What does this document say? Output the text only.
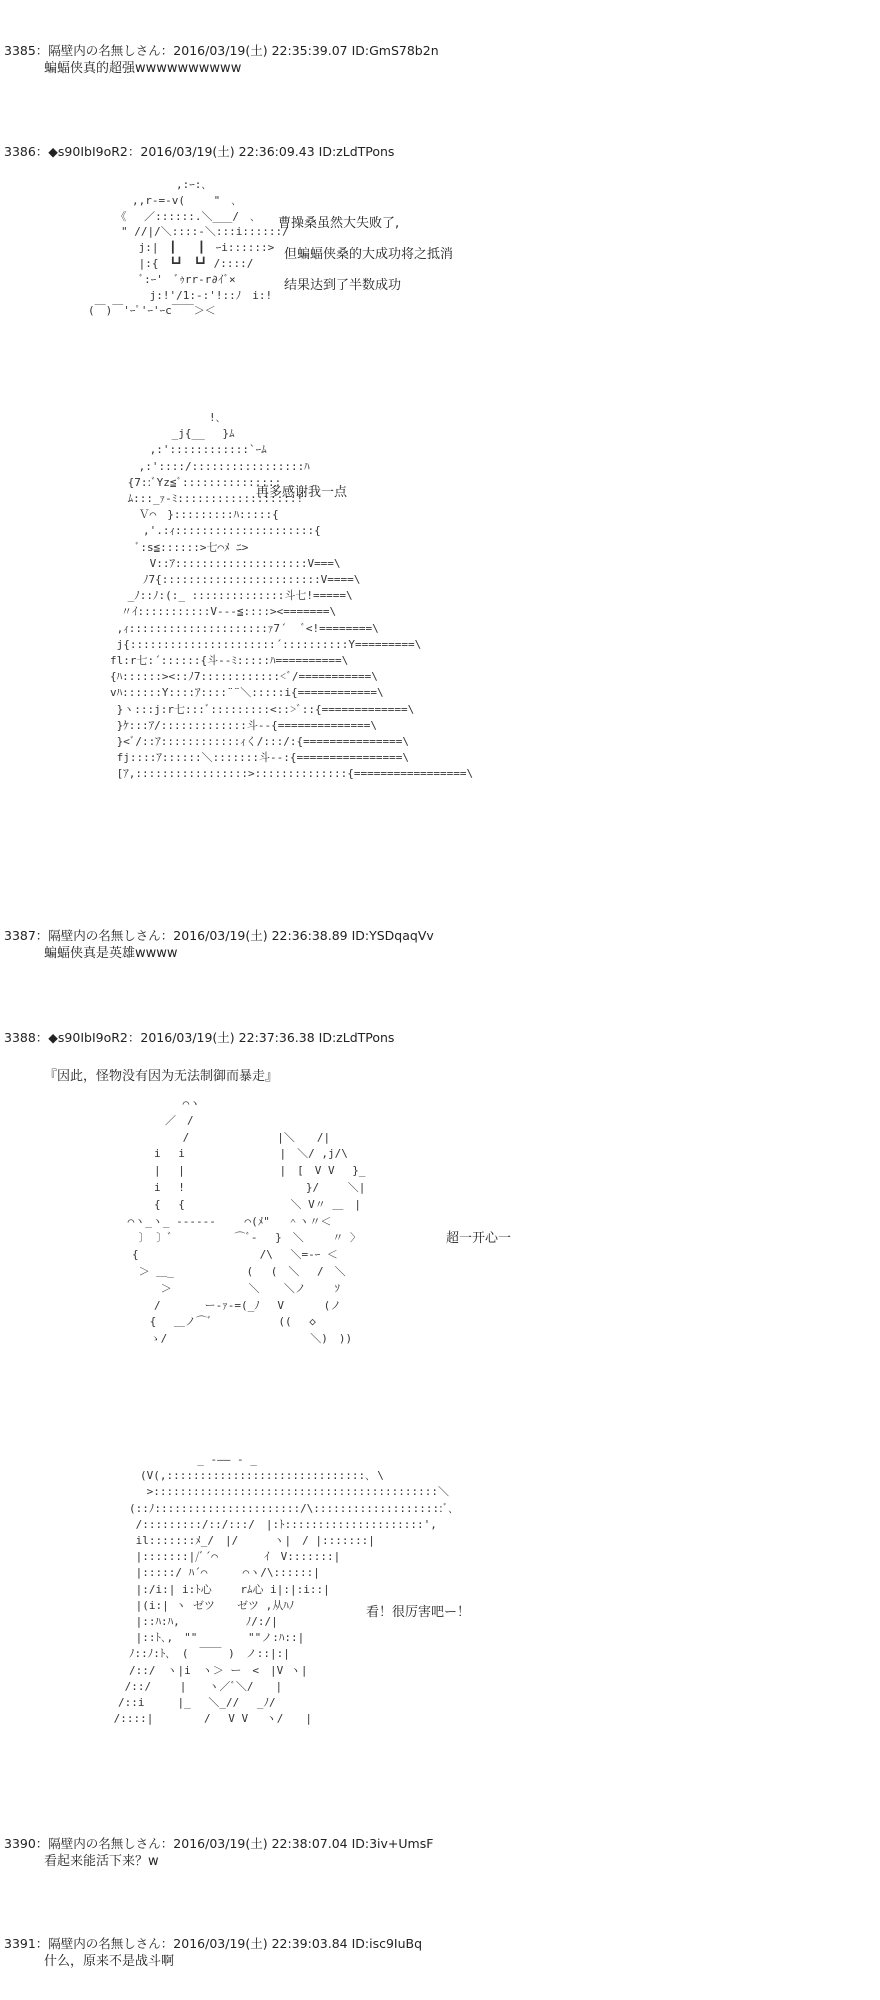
3385：隔壁内の名無しさん：2016/03/19(土) 22:35:39.07 ID:GmS78b2n
蝙蝠侠真的超强wwwwwwwwww
3386：◆s90IbI9oR2：2016/03/19(土) 22:36:09.43 ID:zLdTPons
　　　　　　　　,:ｰ:､
　　　　,,r‐=‐v(　　 "　､
　　　《　 ／::::::.＼___/　､
　　　" //|/＼::::‐＼:::i::::::/
　　　　 j:|　┃　　┃　ｰi::::::>
　　　　 |:{　┗┛　┗┛ /::::/
　　　　 ﾞ:ｰ'　ﾞｩrr‐r∂ｲﾞ×
　　　　　 j:!'/1:‐:'!::ﾉ　i:!
(￣)￣'ｰﾟ'ｰ'ｰc￣￣＞＜
曹操桑虽然大失败了,
但蝙蝠侠桑的大成功将之抵消
结果达到了半数成功
　　　　　　　　　　　!､
　　　　　　　 _j{__ 　}ﾑ
　　　　　 ,:'::::::::::::`ｰﾑ
　　　　 ,:'::::/:::::::::::::::::ﾊ
　　　 {7::ﾞYz≦ﾞ:::::::::::::::
　　　 ﾑ:::_ｧ‐ﾐ::::::::::::::::::!
　　　　 Ｖ⌒　}:::::::::ﾊ:::::{
　　　　　,'.:ｨ:::::::::::::::::::::{
　　　　 ﾞ:s≦::::::>七⌒ﾒ ﾆ>
　　　　　 V::ｱ::::::::::::::::::::V===\
　　　　　ﾉ7{::::::::::::::::::::::::V====\
　　　 _ﾉ::ﾉ:(:_ ::::::::::::::斗七!=====\
　　　〃ｲ:::::::::::V‐‐‐≦::::><=======\
　　 ,ｨ:::::::::::::::::::::ｧ7´　 ﾞ<!========\
　　 j{::::::::::::::::::::::´::::::::::Y=========\
　　fl:r七:´::::::{斗‐‐ﾐ:::::ﾊ==========\
　　{ﾊ::::::><::ﾉ7::::::::::::<ﾞ/===========\
　　vﾊ::::::Y::::ｱ::::¨¨＼:::::i{============\
　　 }ヽ:::j:r七:::ﾞ:::::::::<::>ﾞ::{=============\
　　 }ｹ:::ｱ/:::::::::::::斗‐‐{==============\
　　 }<ﾞ/::ｱ::::::::::::ｨく/:::/:{===============\
　　 fj::::ｱ::::::＼:::::::斗‐‐:{================\
　　 [ｱ,:::::::::::::::::>::::::::::::::{=================\
再多感谢我一点
3387：隔壁内の名無しさん：2016/03/19(土) 22:36:38.89 ID:YSDqaqVv
蝙蝠侠真是英雄wwww
3388：◆s90IbI9oR2：2016/03/19(土) 22:37:36.38 ID:zLdTPons
『因此，怪物没有因为无法制御而暴走』
　　　　　　 ⌒ヽ
　　　　　／　/
　　　　　　 /　　　　　　　　|＼　　/|
　　　　i　 i　　　　　　　　 |　＼/ ,j/\
　　　　|　 |　　　　　　　　 |　[　V V 　}_
　　　　i　 !　　　　　　　　　　　}/　　 ＼|
　　　　{　 {　　　　　　　　　 ＼ V〃 ＿　|
　 ⌒ヽ_ヽ_ -‐‐---　　 ⌒(ﾒ"　 ＾ヽ〃＜
　　 〕 〕ﾞ　　　　　 ⌒ﾞ-　 }　＼　　 〃 〉
　　{　　　　　　　　　　　/\　 ＼=-ｰ ＜
　　 ＞ ＿_　　　　　　 (　 (　＼　 /　＼
　　　　 ＞　　　　　　　＼ 　 ＼ノ　　 ｿ
　　　　/　　　　ー‐ｧ‐=(_ﾉ　 V　　　 (ノ
　　　 {　 ＿ノ⌒ﾞ　　　　　　((　 ◇
　　　 ゝ/　　　　　　　　　　　　　＼)　))
超一开心一
　　　　　　　 　 _ -―― - _
　　　　(V(,::::::::::::::::::::::::::::::､ \
　　　　 >:::::::::::::::::::::::::::::::::::::::::::＼
　　　(::ﾉ::::::::::::::::::::::/\::::::::::::::::::::ﾞ､
　　　 /:::::::::/::/:::/　|:ﾄ:::::::::::::::::::::',
　　　 il:::::::ﾒ_/　|/ 　　 ヽ|　/ |:::::::|
　　　 |:::::::|/ﾞ´⌒　 　　 ｲ　V:::::::|
　　　 |:::::/ ﾊ´⌒ 　　 ⌒ヽ/\::::::|
　　　 |:/i:| i:ﾄ心　　 rﾑ心 i|:|:i::|
　　　 |(i:| ヽ ゼツ　　ゼツ ,从ﾊﾉ
　　　 |::ﾊ:ﾊ,　　　　　　ﾉ/:/|
　　　 |::ﾄ､,　""　　　　 ""ノ:ﾊ::|
　　　ﾉ::ﾉ:ﾄ､　(　￣￣ )　ノ::|:|
　　　/::/　ヽ|i　ヽ＞ ー　<　|V ヽ|
　　 /::/　　 |　　ヽ／ﾞ＼/　　|
　　/::i　　　|_　 ＼_//　 _ﾉ/
　 /::::|　　　　 /　 V V　 ヽ/　　|
看！很厉害吧ー！
3390：隔壁内の名無しさん：2016/03/19(土) 22:38:07.04 ID:3iv+UmsF
看起来能活下来？w
3391：隔壁内の名無しさん：2016/03/19(土) 22:39:03.84 ID:isc9IuBq
什么，原来不是战斗啊
